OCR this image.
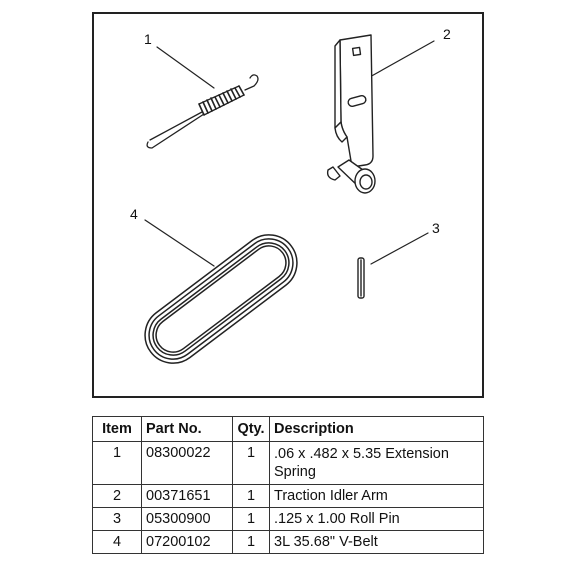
1	2
3
4
Item	Part No.	Qty.	Description
1	08300022	1	.06 x .482 x 5.35 Extension Spring
2	00371651	1	Traction Idler Arm
3	05300900	1	.125 x 1.00 Roll Pin
4	07200102	1	3L 35.68" V-Belt
